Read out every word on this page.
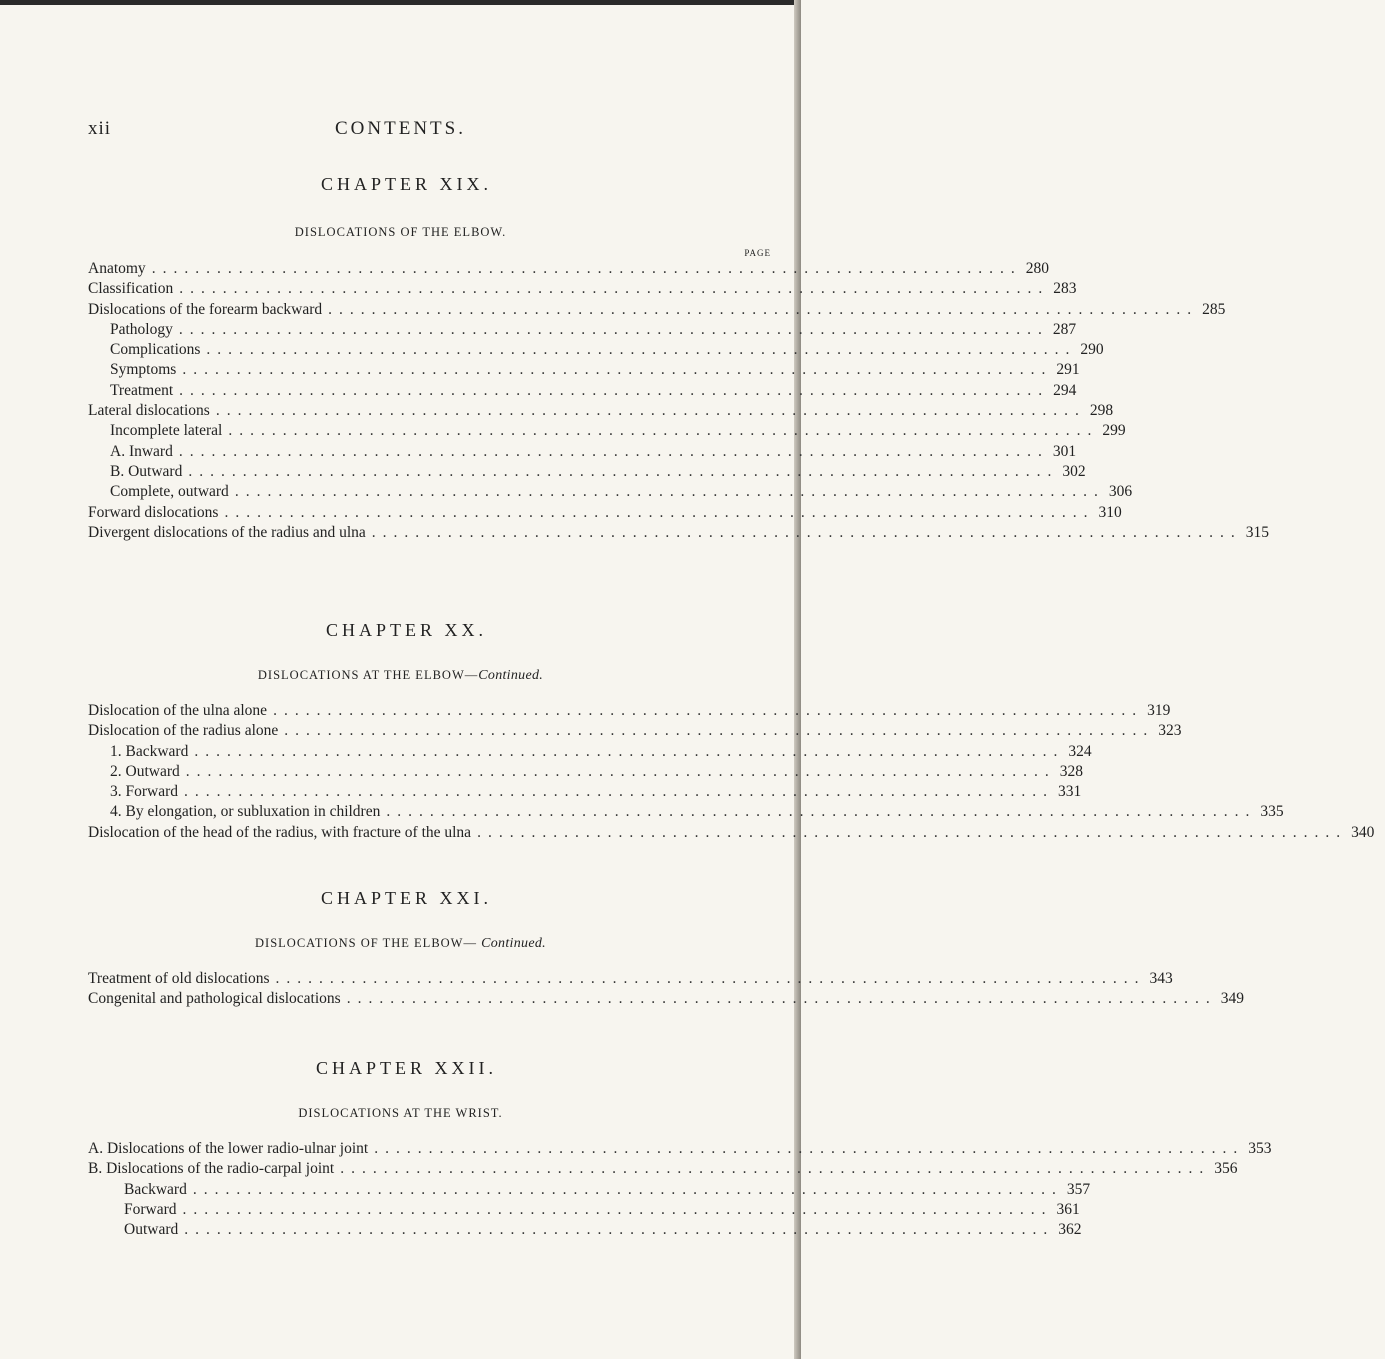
xii	CONTENTS.
CHAPTER XIX.
DISLOCATIONS OF THE ELBOW.
PAGE
Anatomy ................................................................................ 280
Classification ................................................................................ 283
Dislocations of the forearm backward ................................................................................ 285
Pathology ................................................................................ 287
Complications ................................................................................ 290
Symptoms ................................................................................ 291
Treatment ................................................................................ 294
Lateral dislocations ................................................................................ 298
Incomplete lateral ................................................................................ 299
A. Inward ................................................................................ 301
B. Outward ................................................................................ 302
Complete, outward ................................................................................ 306
Forward dislocations ................................................................................ 310
Divergent dislocations of the radius and ulna ................................................................................ 315
CHAPTER XX.
DISLOCATIONS AT THE ELBOW—Continued.
Dislocation of the ulna alone ................................................................................ 319
Dislocation of the radius alone ................................................................................ 323
1. Backward ................................................................................ 324
2. Outward ................................................................................ 328
3. Forward ................................................................................ 331
4. By elongation, or subluxation in children ................................................................................ 335
Dislocation of the head of the radius, with fracture of the ulna ................................................................................ 340
CHAPTER XXI.
DISLOCATIONS OF THE ELBOW— Continued.
Treatment of old dislocations ................................................................................ 343
Congenital and pathological dislocations ................................................................................ 349
CHAPTER XXII.
DISLOCATIONS AT THE WRIST.
A. Dislocations of the lower radio-ulnar joint ................................................................................ 353
B. Dislocations of the radio-carpal joint ................................................................................ 356
Backward ................................................................................ 357
Forward ................................................................................ 361
Outward ................................................................................ 362
